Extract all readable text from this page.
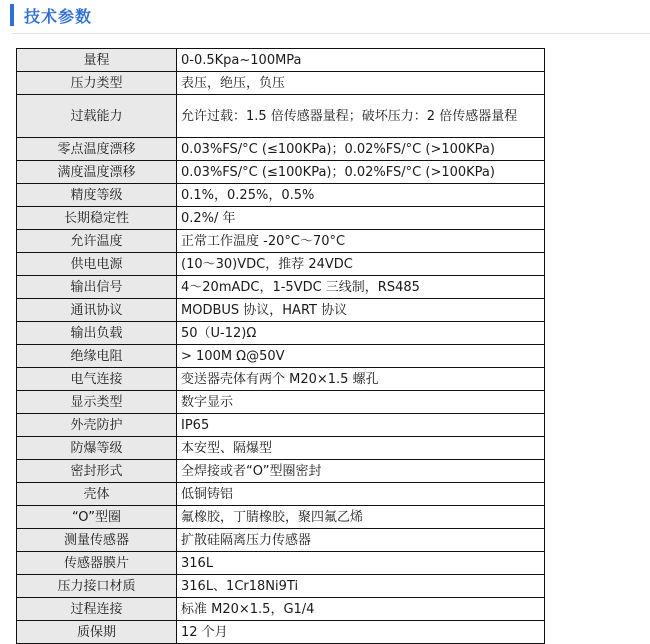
技术参数
量程	0-0.5Kpa~100MPa
压力类型	表压，绝压，负压
过载能力	允许过载：1.5 倍传感器量程；破坏压力：2 倍传感器量程
零点温度漂移	0.03%FS/°C (≤100KPa)；0.02%FS/°C (>100KPa)
满度温度漂移	0.03%FS/°C (≤100KPa)；0.02%FS/°C (>100KPa)
精度等级	0.1%，0.25%，0.5%
长期稳定性	0.2%/ 年
允许温度	正常工作温度 -20°C～70°C
供电电源	(10～30)VDC，推荐 24VDC
输出信号	4～20mADC，1-5VDC 三线制，RS485
通讯协议	MODBUS 协议，HART 协议
输出负载	50（U-12)Ω
绝缘电阻	> 100M Ω@50V
电气连接	变送器壳体有两个 M20×1.5 螺孔
显示类型	数字显示
外壳防护	IP65
防爆等级	本安型、隔爆型
密封形式	全焊接或者“O”型圈密封
壳体	低铜铸铝
“O”型圈	氟橡胶，丁腈橡胶，聚四氟乙烯
测量传感器	扩散硅隔离压力传感器
传感器膜片	316L
压力接口材质	316L、1Cr18Ni9Ti
过程连接	标准 M20×1.5，G1/4
质保期	12 个月
